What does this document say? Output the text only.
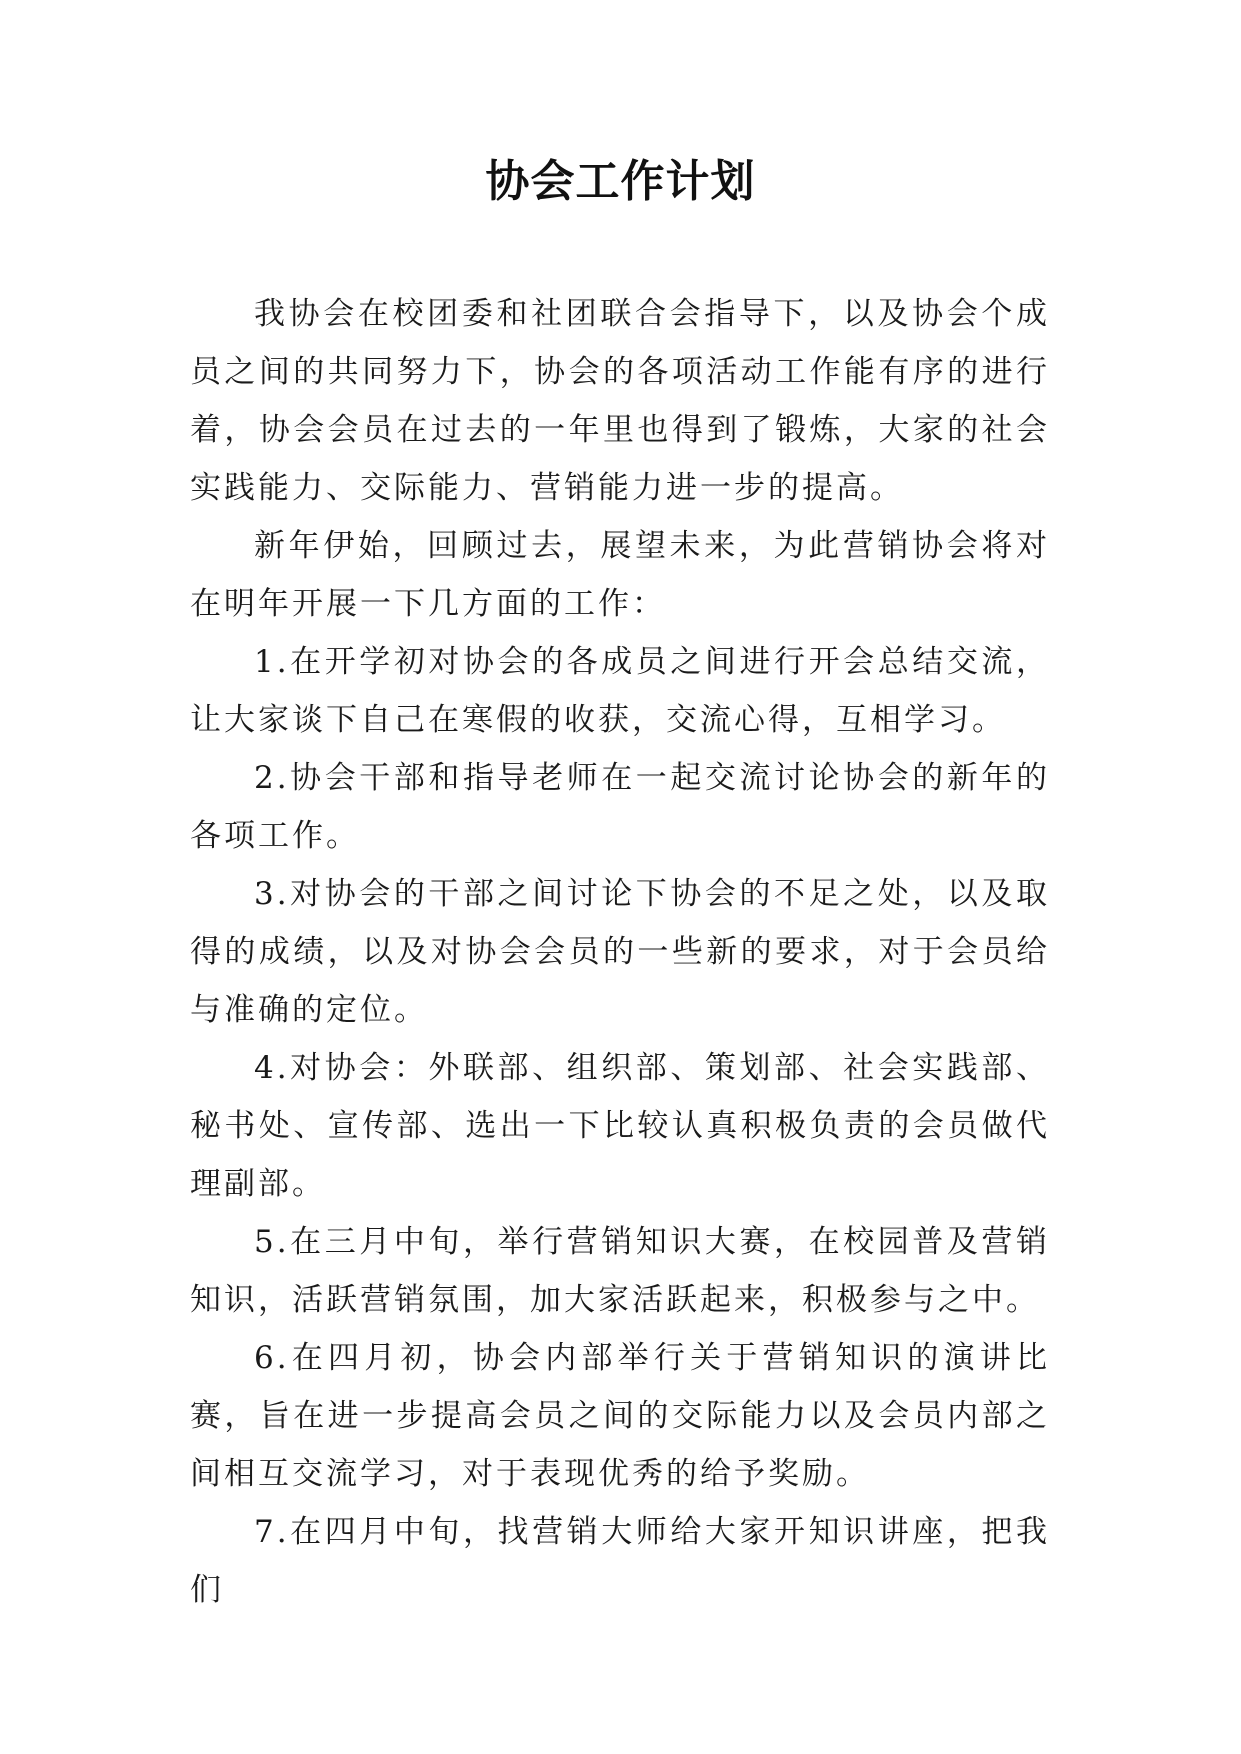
协会工作计划

我协会在校团委和社团联合会指导下，以及协会个成员之间的共同努力下，协会的各项活动工作能有序的进行着，协会会员在过去的一年里也得到了锻炼，大家的社会实践能力、交际能力、营销能力进一步的提高。

新年伊始，回顾过去，展望未来，为此营销协会将对在明年开展一下几方面的工作：

1.在开学初对协会的各成员之间进行开会总结交流，让大家谈下自己在寒假的收获，交流心得，互相学习。

2.协会干部和指导老师在一起交流讨论协会的新年的各项工作。

3.对协会的干部之间讨论下协会的不足之处，以及取得的成绩，以及对协会会员的一些新的要求，对于会员给与准确的定位。

4.对协会：外联部、组织部、策划部、社会实践部、秘书处、宣传部、选出一下比较认真积极负责的会员做代理副部。

5.在三月中旬，举行营销知识大赛，在校园普及营销知识，活跃营销氛围，加大家活跃起来，积极参与之中。

6.在四月初，协会内部举行关于营销知识的演讲比赛，旨在进一步提高会员之间的交际能力以及会员内部之间相互交流学习，对于表现优秀的给予奖励。

7.在四月中旬，找营销大师给大家开知识讲座，把我们
